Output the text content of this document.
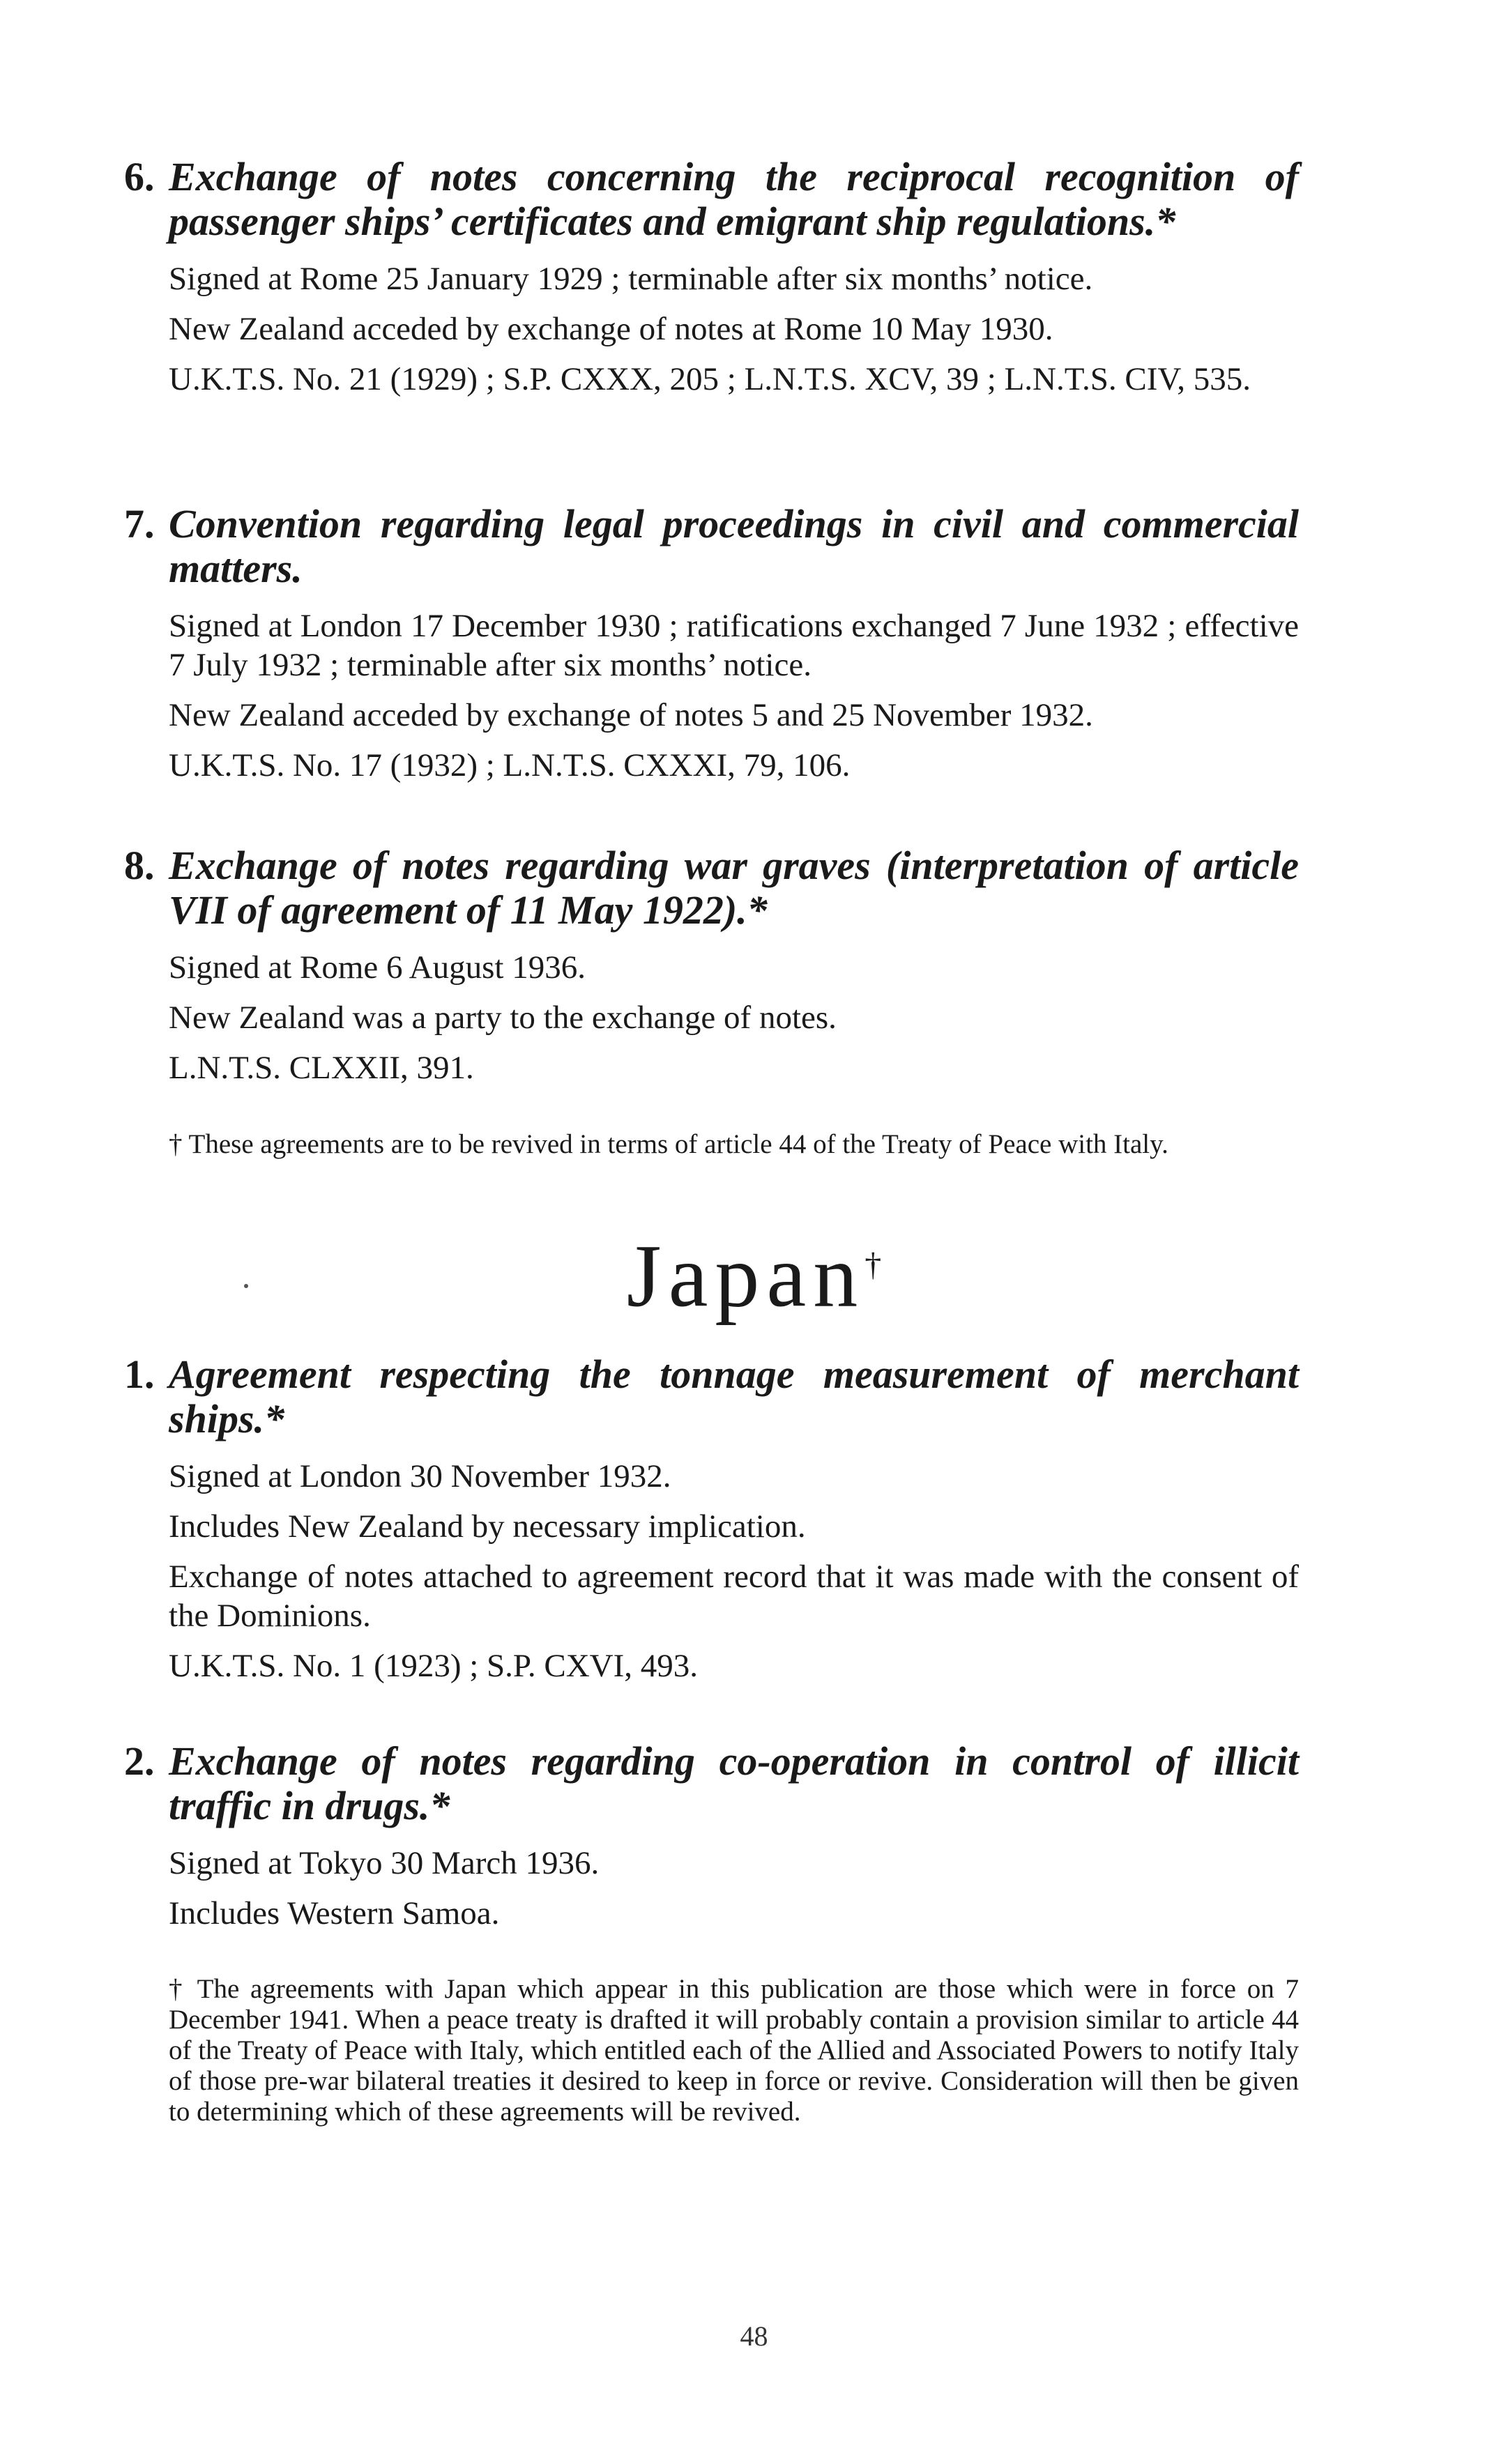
6. Exchange of notes concerning the reciprocal recognition of passenger ships’ certificates and emigrant ship regulations.*

Signed at Rome 25 January 1929 ; terminable after six months’ notice.

New Zealand acceded by exchange of notes at Rome 10 May 1930.

U.K.T.S. No. 21 (1929) ; S.P. CXXX, 205 ; L.N.T.S. XCV, 39 ; L.N.T.S. CIV, 535.

7. Convention regarding legal proceedings in civil and commercial matters.

Signed at London 17 December 1930 ; ratifications exchanged 7 June 1932 ; effective 7 July 1932 ; terminable after six months’ notice.

New Zealand acceded by exchange of notes 5 and 25 November 1932.

U.K.T.S. No. 17 (1932) ; L.N.T.S. CXXXI, 79, 106.

8. Exchange of notes regarding war graves (interpretation of article VII of agreement of 11 May 1922).*

Signed at Rome 6 August 1936.

New Zealand was a party to the exchange of notes.

L.N.T.S. CLXXII, 391.

† These agreements are to be revived in terms of article 44 of the Treaty of Peace with Italy.

Japan†
1. Agreement respecting the tonnage measurement of merchant ships.*

Signed at London 30 November 1932.

Includes New Zealand by necessary implication.

Exchange of notes attached to agreement record that it was made with the consent of the Dominions.

U.K.T.S. No. 1 (1923) ; S.P. CXVI, 493.

2. Exchange of notes regarding co-operation in control of illicit traffic in drugs.*

Signed at Tokyo 30 March 1936.

Includes Western Samoa.

† The agreements with Japan which appear in this publication are those which were in force on 7 December 1941. When a peace treaty is drafted it will probably contain a provision similar to article 44 of the Treaty of Peace with Italy, which entitled each of the Allied and Associated Powers to notify Italy of those pre-war bilateral treaties it desired to keep in force or revive. Consideration will then be given to determining which of these agreements will be revived.

48
